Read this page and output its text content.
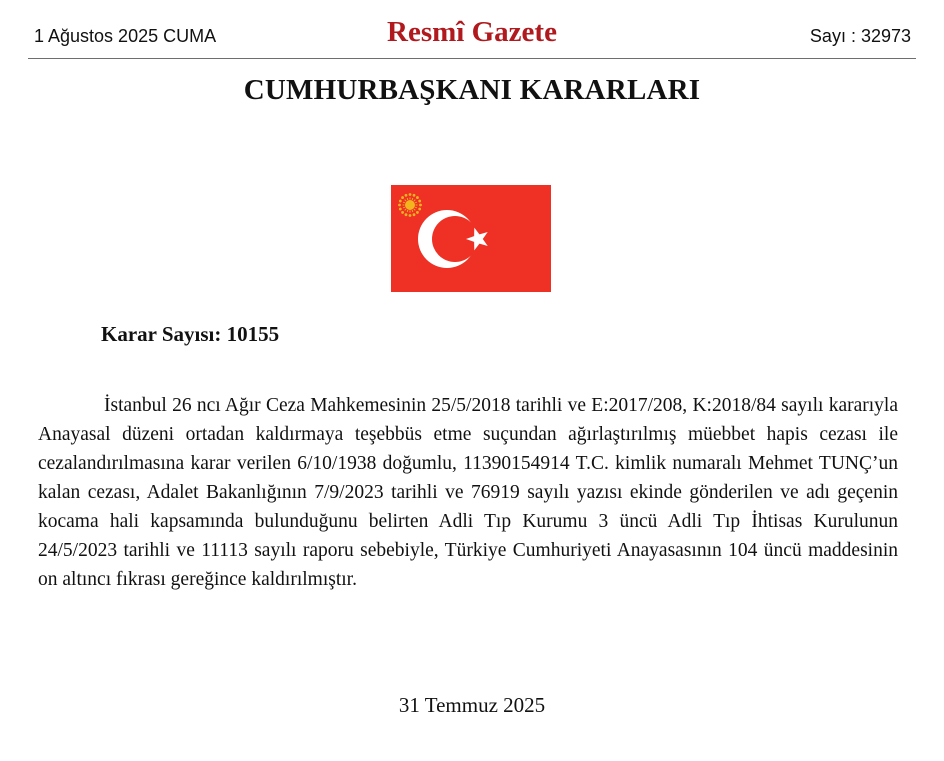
1 Ağustos 2025 CUMA	Resmî Gazete	Sayı : 32973
CUMHURBAŞKANI KARARLARI
Karar Sayısı: 10155

İstanbul 26 ncı Ağır Ceza Mahkemesinin 25/5/2018 tarihli ve E:2017/208, K:2018/84 sayılı kararıyla Anayasal düzeni ortadan kaldırmaya teşebbüs etme suçundan ağırlaştırılmış müebbet hapis cezası ile cezalandırılmasına karar verilen 6/10/1938 doğumlu, 11390154914 T.C. kimlik numaralı Mehmet TUNÇ’un kalan cezası, Adalet Bakanlığının 7/9/2023 tarihli ve 76919 sayılı yazısı ekinde gönderilen ve adı geçenin kocama hali kapsamında bulunduğunu belirten Adli Tıp Kurumu 3 üncü Adli Tıp İhtisas Kurulunun 24/5/2023 tarihli ve 11113 sayılı raporu sebebiyle, Türkiye Cumhuriyeti Anayasasının 104 üncü maddesinin on altıncı fıkrası gereğince kaldırılmıştır.

31 Temmuz 2025
